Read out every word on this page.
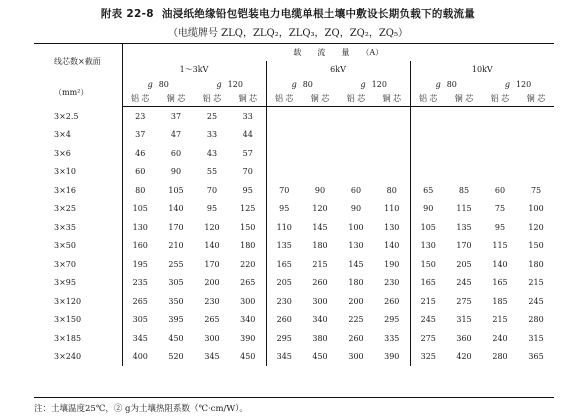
附表 22-8 油浸纸绝缘铅包铠装电力电缆单根土壤中敷设长期负载下的载流量
（电缆牌号 ZLQ，ZLQ₂，ZLQ₃，ZQ，ZQ₂，ZQ₅）
线芯数×截面	载　　流　　量　　（A）											
	1～3kV				6kV				10kV			
（mm²）	g 80		g 120		g 80		g 120		g 80		g 120	
	铝 芯	铜 芯	铝 芯	铜 芯	铝 芯	铜 芯	铝 芯	铜 芯	铝 芯	铜 芯	铝 芯	铜 芯
3×2.5	23	37	25	33								
3×4	37	47	33	44								
3×6	46	60	43	57								
3×10	60	90	55	70								
3×16	80	105	70	95	70	90	60	80	65	85	60	75
3×25	105	140	95	125	95	120	90	110	90	115	75	100
3×35	130	170	120	150	110	145	100	130	105	135	95	120
3×50	160	210	140	180	135	180	130	140	130	170	115	150
3×70	195	255	170	220	165	215	145	190	150	205	140	180
3×95	235	305	200	265	205	260	180	230	165	245	165	215
3×120	265	350	230	300	230	300	200	260	215	275	185	245
3×150	305	395	265	340	260	340	225	295	245	315	215	280
3×185	345	450	300	390	295	380	260	335	275	360	240	315
3×240	400	520	345	450	345	450	300	390	325	420	280	365
注：土壤温度25℃，② g为土壤热阻系数（℃·cm/W）。
